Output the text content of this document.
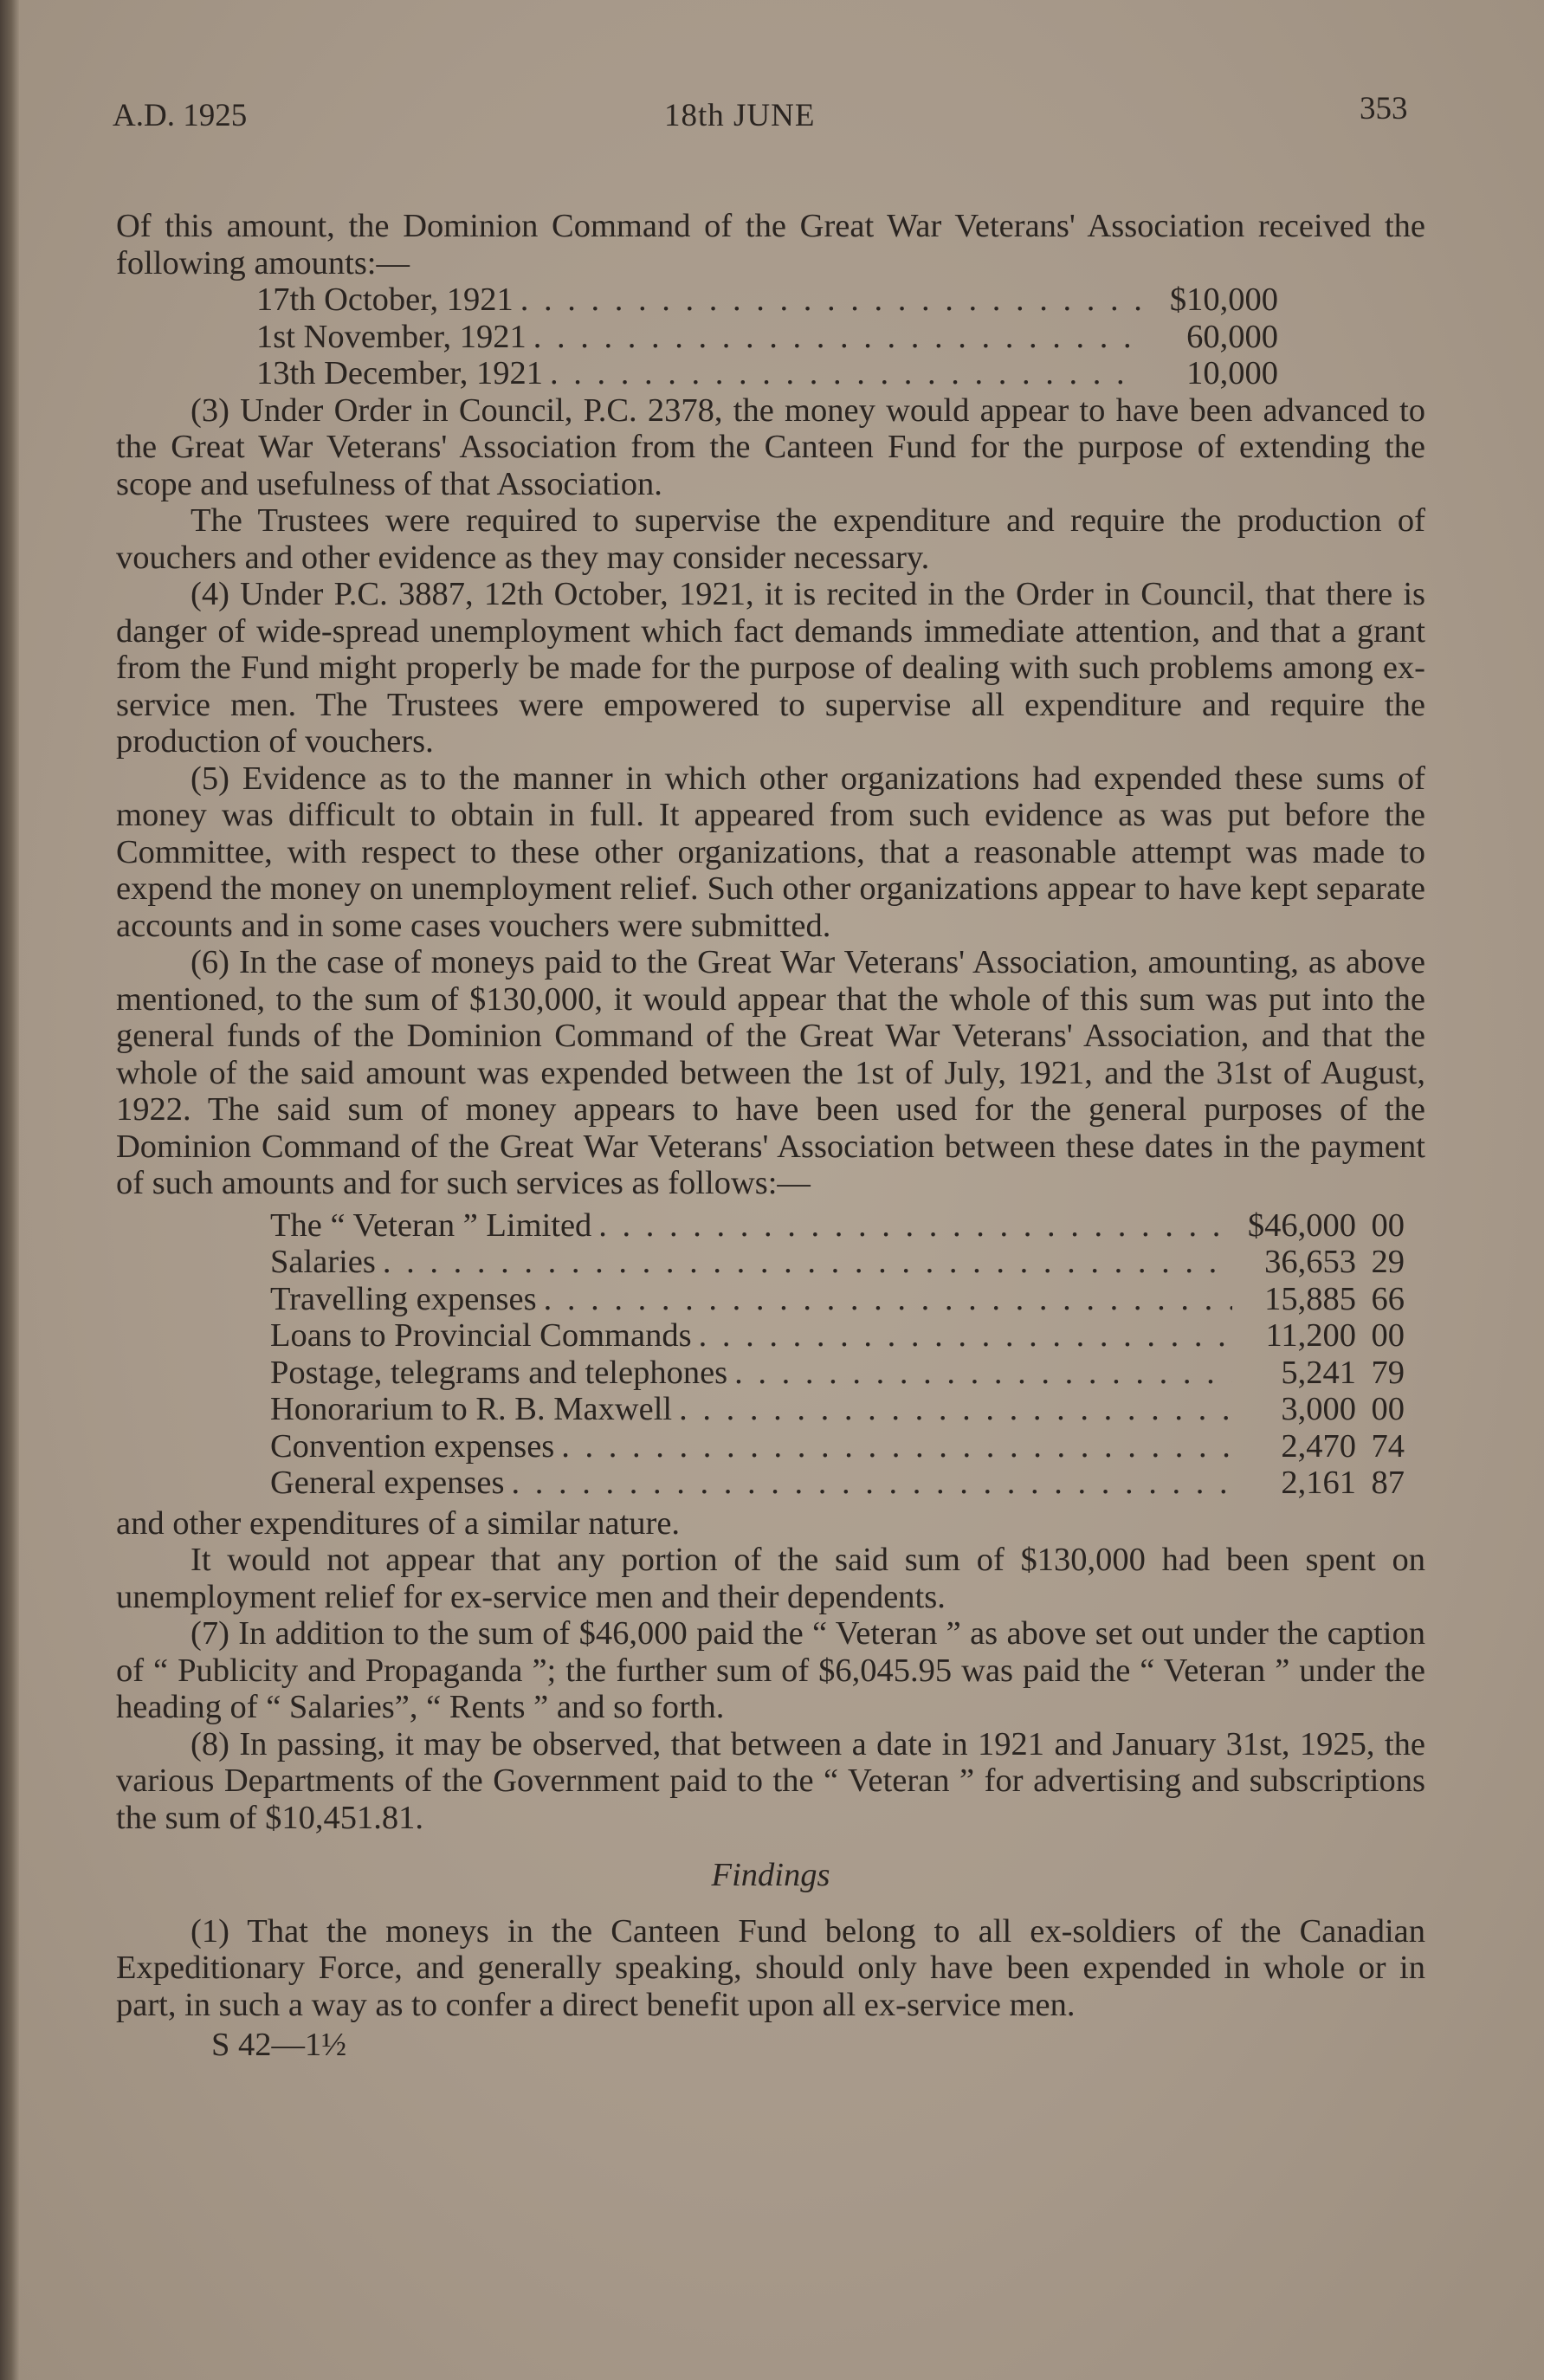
A.D. 1925	18th JUNE	353

Of this amount, the Dominion Command of the Great War Veterans' Association received the following amounts:—

17th October, 1921 . . .	$10,000
1st November, 1921 . . .	60,000
13th December, 1921 . . .	10,000

(3) Under Order in Council, P.C. 2378, the money would appear to have been advanced to the Great War Veterans' Association from the Canteen Fund for the purpose of extending the scope and usefulness of that Association.

The Trustees were required to supervise the expenditure and require the production of vouchers and other evidence as they may consider necessary.

(4) Under P.C. 3887, 12th October, 1921, it is recited in the Order in Council, that there is danger of wide-spread unemployment which fact demands immediate attention, and that a grant from the Fund might properly be made for the purpose of dealing with such problems among ex-service men. The Trustees were empowered to supervise all expenditure and require the production of vouchers.

(5) Evidence as to the manner in which other organizations had expended these sums of money was difficult to obtain in full. It appeared from such evidence as was put before the Committee, with respect to these other organizations, that a reasonable attempt was made to expend the money on unemployment relief. Such other organizations appear to have kept separate accounts and in some cases vouchers were submitted.

(6) In the case of moneys paid to the Great War Veterans' Association, amounting, as above mentioned, to the sum of $130,000, it would appear that the whole of this sum was put into the general funds of the Dominion Command of the Great War Veterans' Association, and that the whole of the said amount was expended between the 1st of July, 1921, and the 31st of August, 1922. The said sum of money appears to have been used for the general purposes of the Dominion Command of the Great War Veterans' Association between these dates in the payment of such amounts and for such services as follows:—

The “ Veteran ” Limited . . .	$46,000 00
Salaries . . .	36,653 29
Travelling expenses . . .	15,885 66
Loans to Provincial Commands . . .	11,200 00
Postage, telegrams and telephones . . .	5,241 79
Honorarium to R. B. Maxwell . . .	3,000 00
Convention expenses . . .	2,470 74
General expenses . . .	2,161 87

and other expenditures of a similar nature.

It would not appear that any portion of the said sum of $130,000 had been spent on unemployment relief for ex-service men and their dependents.

(7) In addition to the sum of $46,000 paid the “ Veteran ” as above set out under the caption of “ Publicity and Propaganda ”; the further sum of $6,045.95 was paid the “ Veteran ” under the heading of “ Salaries”, “ Rents ” and so forth.

(8) In passing, it may be observed, that between a date in 1921 and January 31st, 1925, the various Departments of the Government paid to the “ Veteran ” for advertising and subscriptions the sum of $10,451.81.

Findings

(1) That the moneys in the Canteen Fund belong to all ex-soldiers of the Canadian Expeditionary Force, and generally speaking, should only have been expended in whole or in part, in such a way as to confer a direct benefit upon all ex-service men.

S 42—1½
